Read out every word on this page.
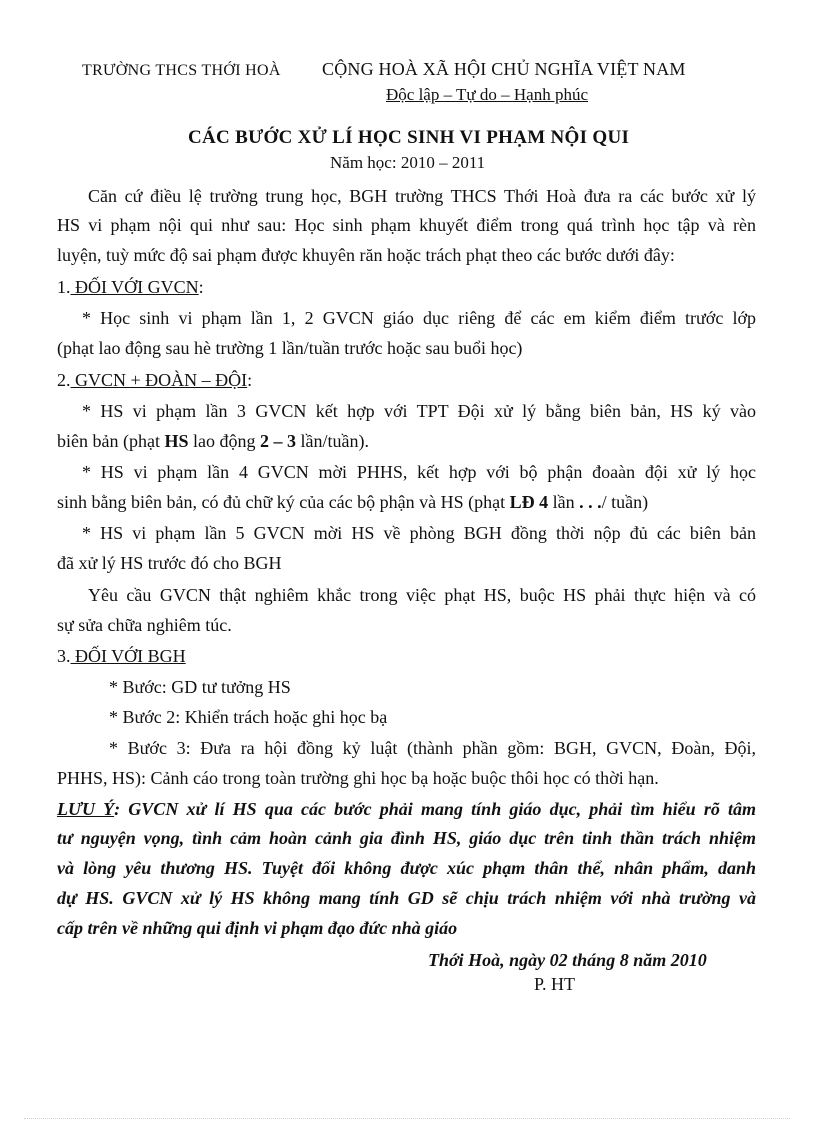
TRƯỜNG THCS THỚI HOÀ CỘNG HOÀ XÃ HỘI CHỦ NGHĨA VIỆT NAM
Độc lập – Tự do – Hạnh phúc
CÁC BƯỚC XỬ LÍ HỌC SINH VI PHẠM NỘI QUI
Năm học: 2010 – 2011
Căn cứ điều lệ trường trung học, BGH trường THCS Thới Hoà đưa ra các bước xử lý
HS vi phạm nội qui như sau: Học sinh phạm khuyết điểm trong quá trình học tập và rèn
luyện, tuỳ mức độ sai phạm được khuyên răn hoặc trách phạt theo các bước dưới đây:
1. ĐỐI VỚI GVCN:
* Học sinh vi phạm lần 1, 2 GVCN giáo dục riêng để các em kiểm điểm trước lớp
(phạt lao động sau hè trường 1 lần/tuần trước hoặc sau buổi học)
2. GVCN + ĐOÀN – ĐỘI:
* HS vi phạm lần 3 GVCN kết hợp với TPT Đội xử lý bằng biên bản, HS ký vào
biên bản (phạt HS lao động 2 – 3 lần/tuần).
* HS vi phạm lần 4 GVCN mời PHHS, kết hợp với bộ phận đoaàn đội xử lý học
sinh bằng biên bản, có đủ chữ ký của các bộ phận và HS (phạt LĐ 4 lần . . ./ tuần)
* HS vi phạm lần 5 GVCN mời HS về phòng BGH đồng thời nộp đủ các biên bản
đã xử lý HS trước đó cho BGH
Yêu cầu GVCN thật nghiêm khắc trong việc phạt HS, buộc HS phải thực hiện và có
sự sửa chữa nghiêm túc.
3. ĐỐI VỚI BGH
* Bước: GD tư tưởng HS
* Bước 2: Khiển trách hoặc ghi học bạ
* Bước 3: Đưa ra hội đồng kỷ luật (thành phần gồm: BGH, GVCN, Đoàn, Đội,
PHHS, HS): Cảnh cáo trong toàn trường ghi học bạ hoặc buộc thôi học có thời hạn.
LƯU Ý: GVCN xử lí HS qua các bước phải mang tính giáo dục, phải tìm hiểu rõ tâm
tư nguyện vọng, tình cảm hoàn cảnh gia đình HS, giáo dục trên tinh thần trách nhiệm
và lòng yêu thương HS. Tuyệt đối không được xúc phạm thân thể, nhân phẩm, danh
dự HS. GVCN xử lý HS không mang tính GD sẽ chịu trách nhiệm với nhà trường và
cấp trên về những qui định vi phạm đạo đức nhà giáo
Thới Hoà, ngày 02 tháng 8 năm 2010
P. HT
